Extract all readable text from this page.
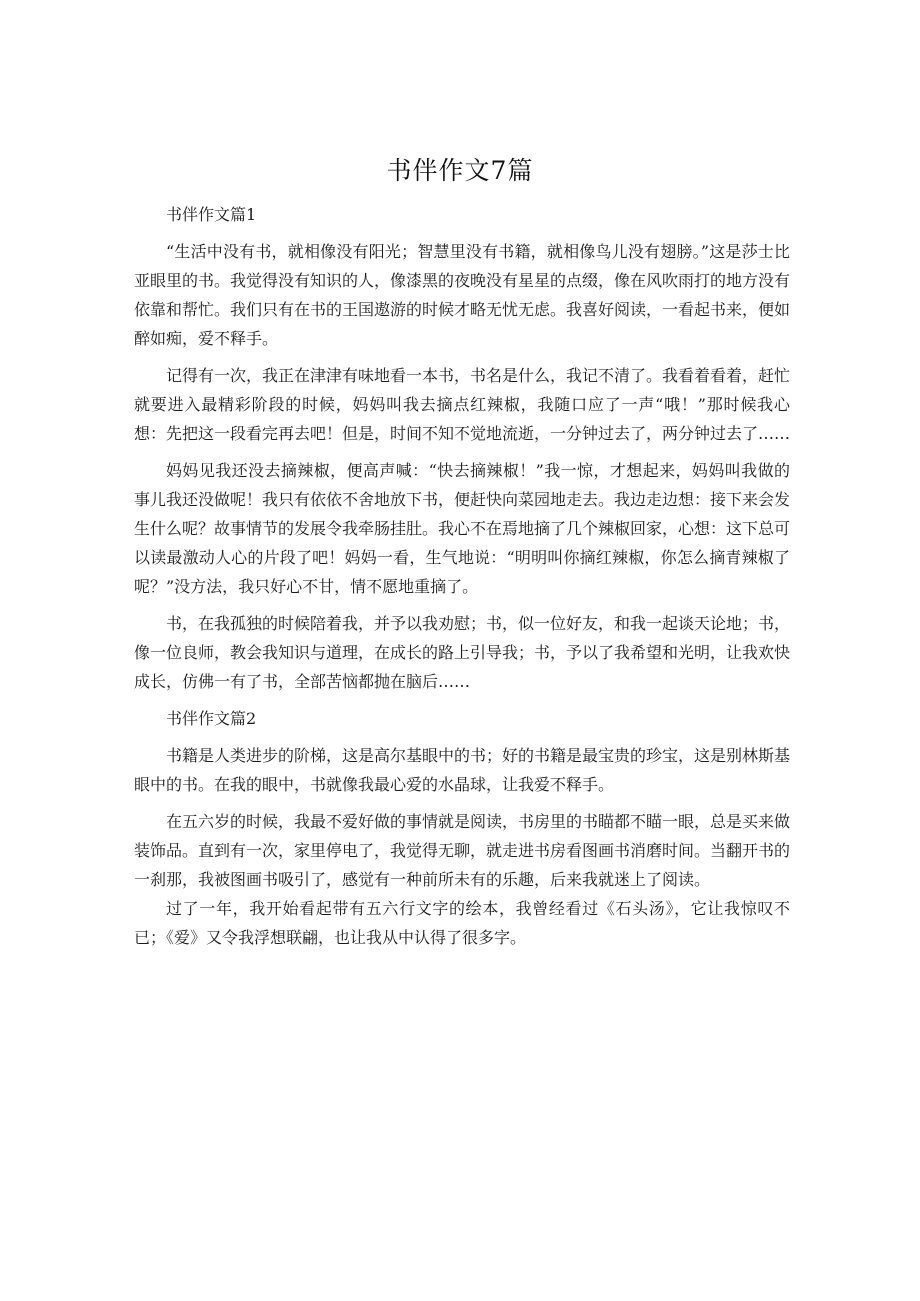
书伴作文7篇

书伴作文篇1

“生活中没有书，就相像没有阳光；智慧里没有书籍，就相像鸟儿没有翅膀。”这是莎士比亚眼里的书。我觉得没有知识的人，像漆黑的夜晚没有星星的点缀，像在风吹雨打的地方没有依靠和帮忙。我们只有在书的王国遨游的时候才略无忧无虑。我喜好阅读，一看起书来，便如醉如痴，爱不释手。

记得有一次，我正在津津有味地看一本书，书名是什么，我记不清了。我看着看着，赶忙就要进入最精彩阶段的时候，妈妈叫我去摘点红辣椒，我随口应了一声“哦！”那时候我心想：先把这一段看完再去吧！但是，时间不知不觉地流逝，一分钟过去了，两分钟过去了……

妈妈见我还没去摘辣椒，便高声喊：“快去摘辣椒！”我一惊，才想起来，妈妈叫我做的事儿我还没做呢！我只有依依不舍地放下书，便赶快向菜园地走去。我边走边想：接下来会发生什么呢？故事情节的发展令我牵肠挂肚。我心不在焉地摘了几个辣椒回家，心想：这下总可以读最激动人心的片段了吧！妈妈一看，生气地说：“明明叫你摘红辣椒，你怎么摘青辣椒了呢？”没方法，我只好心不甘，情不愿地重摘了。

书，在我孤独的时候陪着我，并予以我劝慰；书，似一位好友，和我一起谈天论地；书，像一位良师，教会我知识与道理，在成长的路上引导我；书，予以了我希望和光明，让我欢快成长，仿佛一有了书，全部苦恼都抛在脑后……

书伴作文篇2

书籍是人类进步的阶梯，这是高尔基眼中的书；好的书籍是最宝贵的珍宝，这是别林斯基眼中的书。在我的眼中，书就像我最心爱的水晶球，让我爱不释手。

在五六岁的时候，我最不爱好做的事情就是阅读，书房里的书瞄都不瞄一眼，总是买来做装饰品。直到有一次，家里停电了，我觉得无聊，就走进书房看图画书消磨时间。当翻开书的一刹那，我被图画书吸引了，感觉有一种前所未有的乐趣，后来我就迷上了阅读。

过了一年，我开始看起带有五六行文字的绘本，我曾经看过《石头汤》，它让我惊叹不已；《爱》又令我浮想联翩，也让我从中认得了很多字。
